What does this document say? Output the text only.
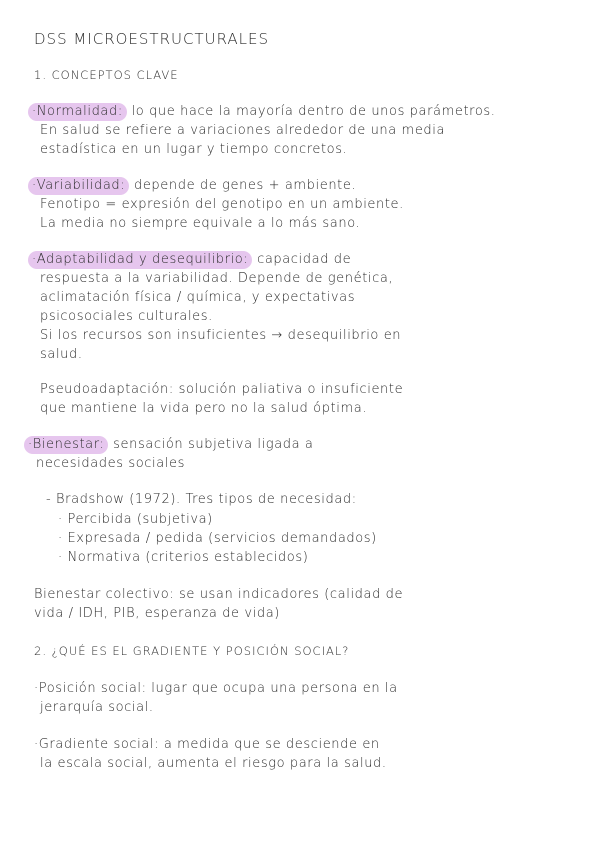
DSS MICROESTRUCTURALES
1. CONCEPTOS CLAVE
·Normalidad: lo que hace la mayoría dentro de unos parámetros.
En salud se refiere a variaciones alrededor de una media
estadística en un lugar y tiempo concretos.
·Variabilidad: depende de genes + ambiente.
Fenotipo = expresión del genotipo en un ambiente.
La media no siempre equivale a lo más sano.
·Adaptabilidad y desequilibrio: capacidad de
respuesta a la variabilidad. Depende de genética,
aclimatación física / química, y expectativas
psicosociales culturales.
Si los recursos son insuficientes → desequilibrio en
salud.
Pseudoadaptación: solución paliativa o insuficiente
que mantiene la vida pero no la salud óptima.
·Bienestar: sensación subjetiva ligada a
necesidades sociales
- Bradshow (1972). Tres tipos de necesidad:
· Percibida (subjetiva)
· Expresada / pedida (servicios demandados)
· Normativa (criterios establecidos)
Bienestar colectivo: se usan indicadores (calidad de
vida / IDH, PIB, esperanza de vida)
2. ¿QUÉ ES EL GRADIENTE Y POSICIÓN SOCIAL?
·Posición social: lugar que ocupa una persona en la
jerarquía social.
·Gradiente social: a medida que se desciende en
la escala social, aumenta el riesgo para la salud.
